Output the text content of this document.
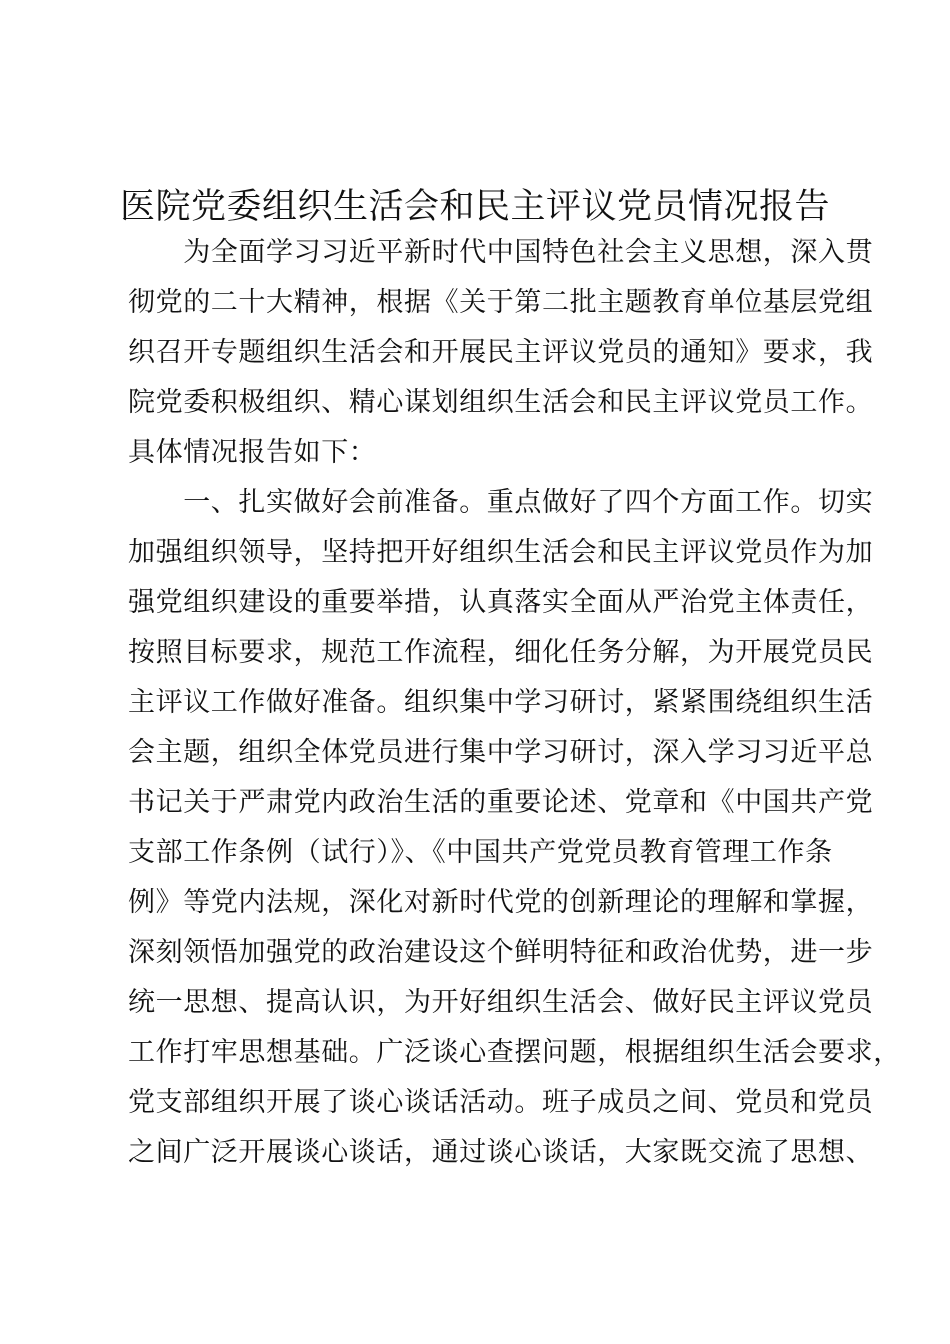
医院党委组织生活会和民主评议党员情况报告
　　为全面学习习近平新时代中国特色社会主义思想，深入贯
彻党的二十大精神，根据《关于第二批主题教育单位基层党组
织召开专题组织生活会和开展民主评议党员的通知》要求，我
院党委积极组织、精心谋划组织生活会和民主评议党员工作。
具体情况报告如下：
　　一、扎实做好会前准备。重点做好了四个方面工作。切实
加强组织领导，坚持把开好组织生活会和民主评议党员作为加
强党组织建设的重要举措，认真落实全面从严治党主体责任，
按照目标要求，规范工作流程，细化任务分解，为开展党员民
主评议工作做好准备。组织集中学习研讨，紧紧围绕组织生活
会主题，组织全体党员进行集中学习研讨，深入学习习近平总
书记关于严肃党内政治生活的重要论述、党章和《中国共产党
支部工作条例（试行）》、《中国共产党党员教育管理工作条
例》等党内法规，深化对新时代党的创新理论的理解和掌握，
深刻领悟加强党的政治建设这个鲜明特征和政治优势，进一步
统一思想、提高认识，为开好组织生活会、做好民主评议党员
工作打牢思想基础。广泛谈心查摆问题，根据组织生活会要求，
党支部组织开展了谈心谈话活动。班子成员之间、党员和党员
之间广泛开展谈心谈话，通过谈心谈话，大家既交流了思想、
